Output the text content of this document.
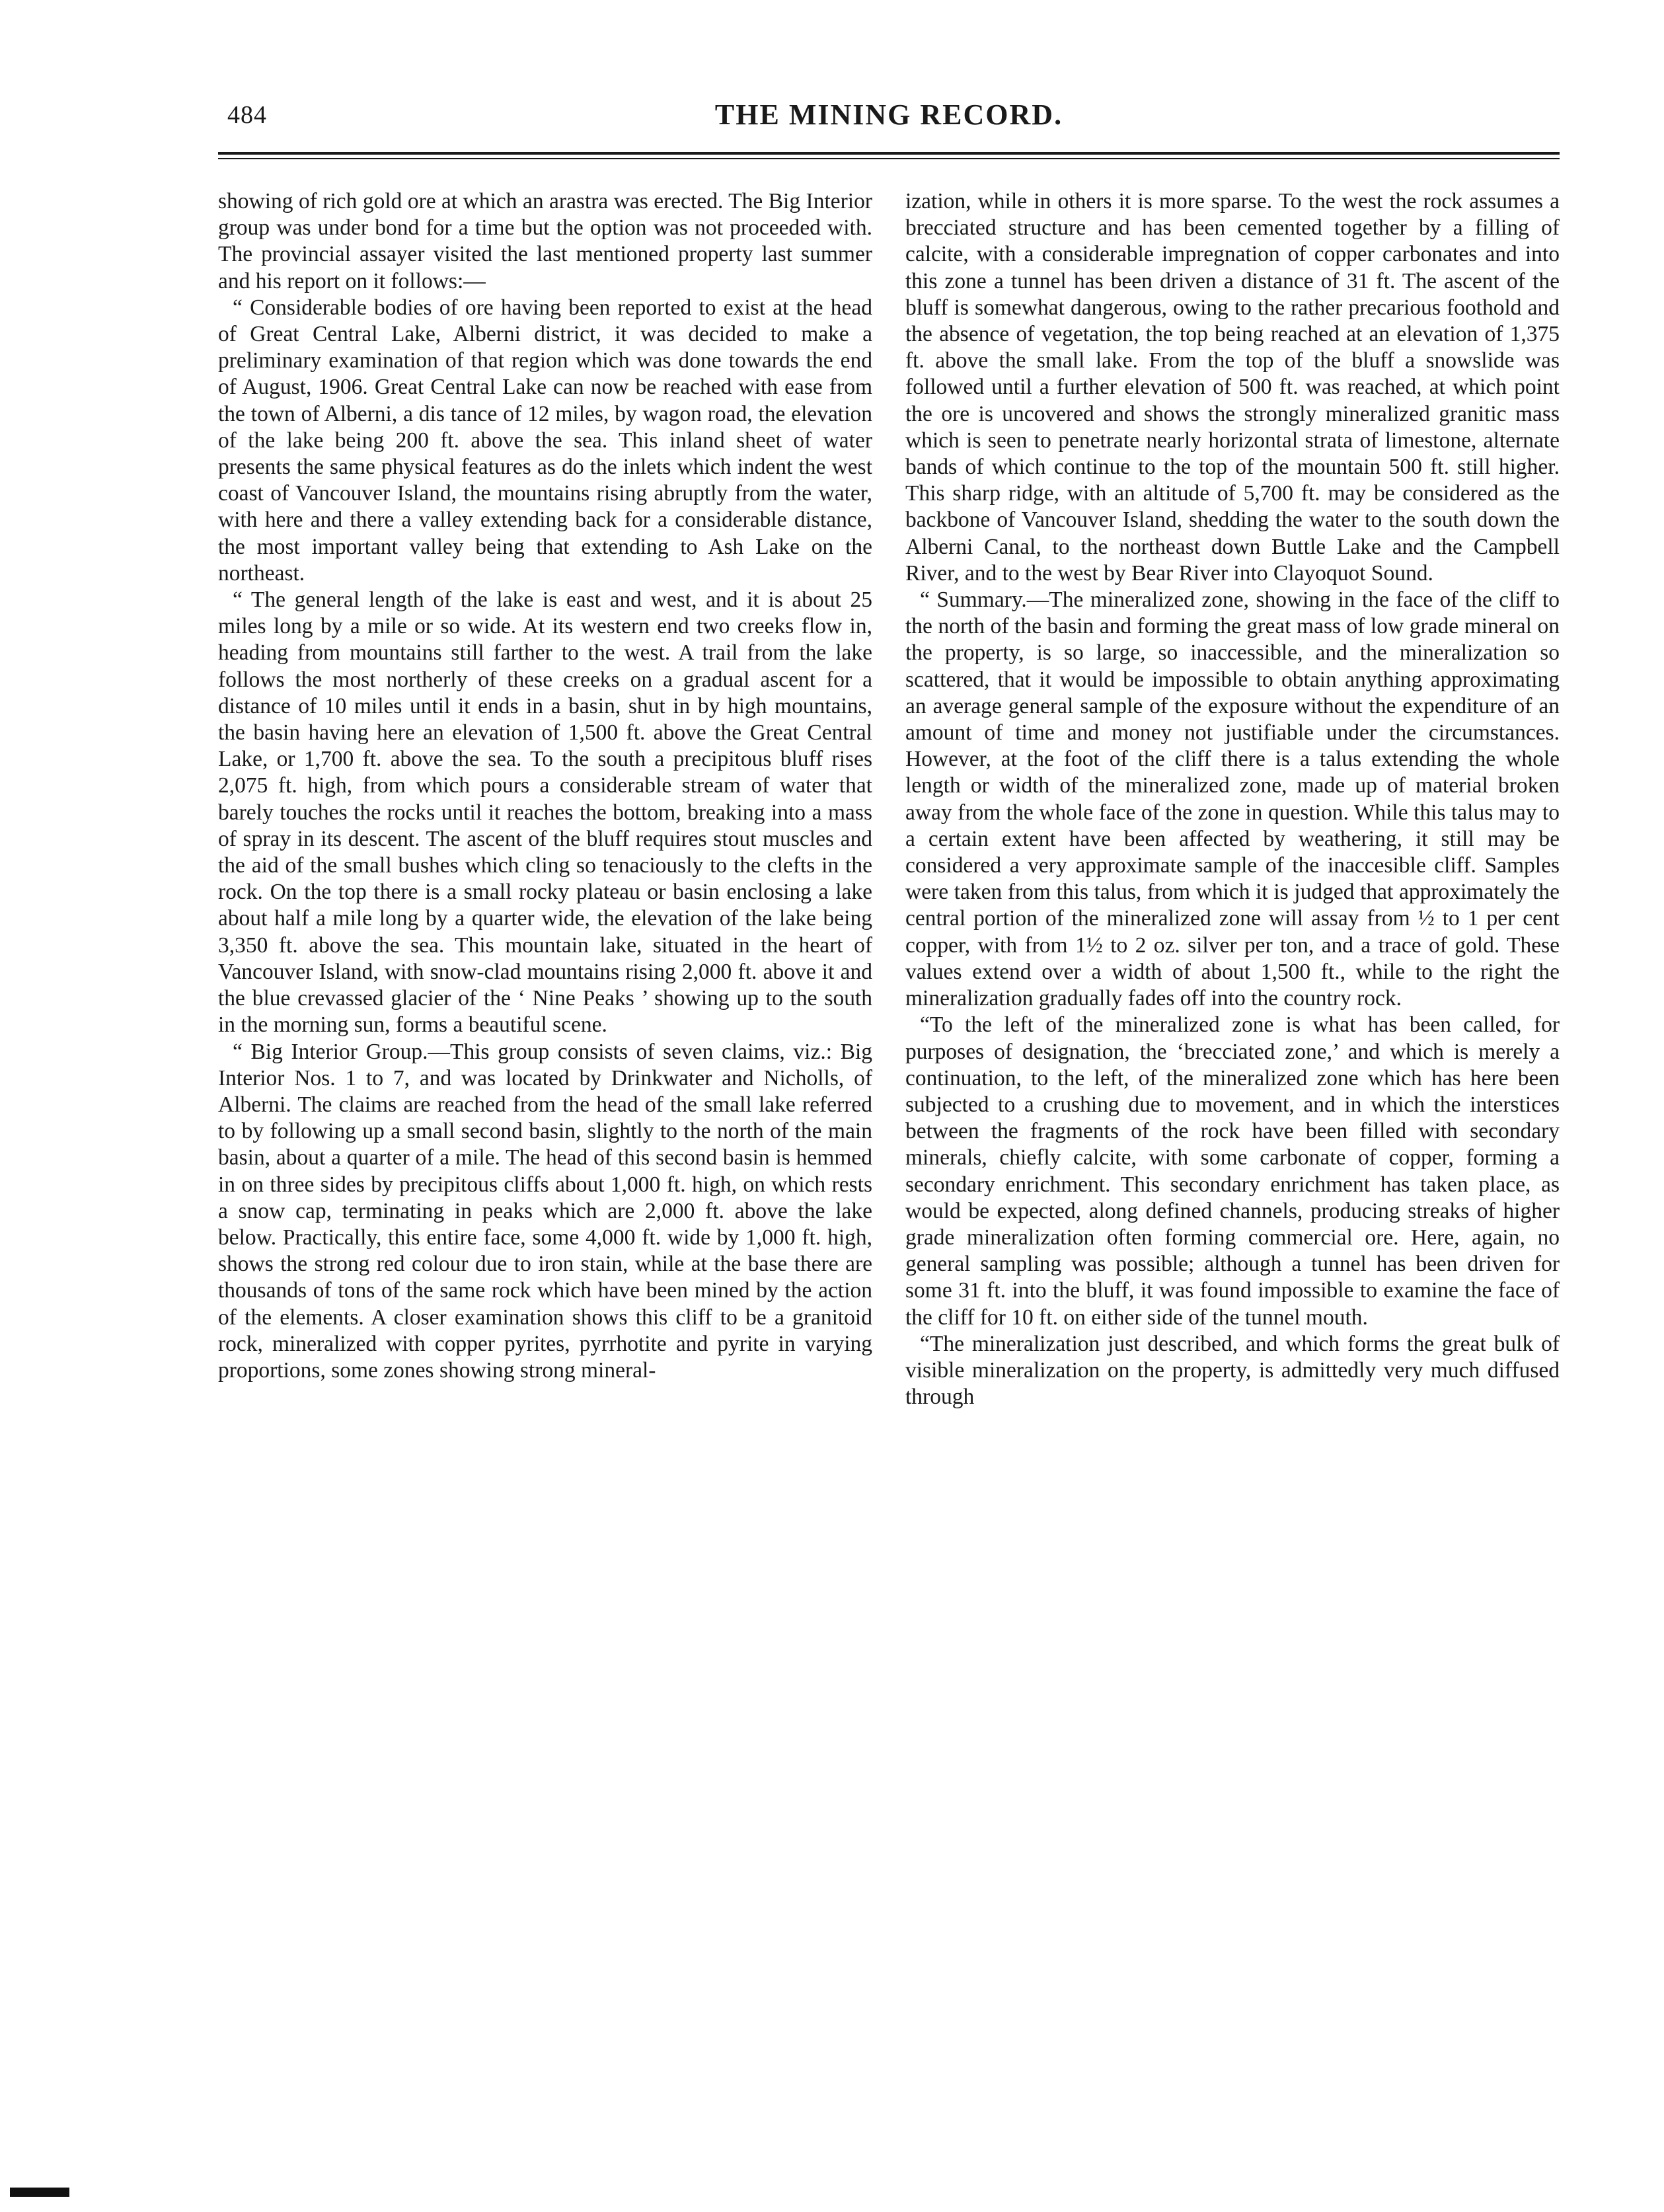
484	THE MINING RECORD.

showing of rich gold ore at which an arastra was erected. The Big Interior group was under bond for a time but the option was not proceeded with. The provincial assayer visited the last mentioned property last summer and his report on it follows:—

“ Considerable bodies of ore having been reported to exist at the head of Great Central Lake, Alberni district, it was decided to make a preliminary examination of that region which was done towards the end of August, 1906. Great Central Lake can now be reached with ease from the town of Alberni, a dis tance of 12 miles, by wagon road, the elevation of the lake being 200 ft. above the sea. This inland sheet of water presents the same physical features as do the inlets which indent the west coast of Vancouver Island, the mountains rising abruptly from the water, with here and there a valley extending back for a considerable distance, the most important valley being that extending to Ash Lake on the northeast.

“ The general length of the lake is east and west, and it is about 25 miles long by a mile or so wide. At its western end two creeks flow in, heading from mountains still farther to the west. A trail from the lake follows the most northerly of these creeks on a gradual ascent for a distance of 10 miles until it ends in a basin, shut in by high mountains, the basin having here an elevation of 1,500 ft. above the Great Central Lake, or 1,700 ft. above the sea. To the south a precipitous bluff rises 2,075 ft. high, from which pours a considerable stream of water that barely touches the rocks until it reaches the bottom, breaking into a mass of spray in its descent. The ascent of the bluff requires stout muscles and the aid of the small bushes which cling so tenaciously to the clefts in the rock. On the top there is a small rocky plateau or basin enclosing a lake about half a mile long by a quarter wide, the elevation of the lake being 3,350 ft. above the sea. This mountain lake, situated in the heart of Vancouver Island, with snow-clad mountains rising 2,000 ft. above it and the blue crevassed glacier of the ‘ Nine Peaks ’ showing up to the south in the morning sun, forms a beautiful scene.

“ Big Interior Group.—This group consists of seven claims, viz.: Big Interior Nos. 1 to 7, and was located by Drinkwater and Nicholls, of Alberni. The claims are reached from the head of the small lake referred to by following up a small second basin, slightly to the north of the main basin, about a quarter of a mile. The head of this second basin is hemmed in on three sides by precipitous cliffs about 1,000 ft. high, on which rests a snow cap, terminating in peaks which are 2,000 ft. above the lake below. Practically, this entire face, some 4,000 ft. wide by 1,000 ft. high, shows the strong red colour due to iron stain, while at the base there are thousands of tons of the same rock which have been mined by the action of the elements. A closer examination shows this cliff to be a granitoid rock, mineralized with copper pyrites, pyrrhotite and pyrite in varying proportions, some zones showing strong mineral-

ization, while in others it is more sparse. To the west the rock assumes a brecciated structure and has been cemented together by a filling of calcite, with a considerable impregnation of copper carbonates and into this zone a tunnel has been driven a distance of 31 ft. The ascent of the bluff is somewhat dangerous, owing to the rather precarious foothold and the absence of vegetation, the top being reached at an elevation of 1,375 ft. above the small lake. From the top of the bluff a snowslide was followed until a further elevation of 500 ft. was reached, at which point the ore is uncovered and shows the strongly mineralized granitic mass which is seen to penetrate nearly horizontal strata of limestone, alternate bands of which continue to the top of the mountain 500 ft. still higher. This sharp ridge, with an altitude of 5,700 ft. may be considered as the backbone of Vancouver Island, shedding the water to the south down the Alberni Canal, to the northeast down Buttle Lake and the Campbell River, and to the west by Bear River into Clayoquot Sound.

“ Summary.—The mineralized zone, showing in the face of the cliff to the north of the basin and forming the great mass of low grade mineral on the property, is so large, so inaccessible, and the mineralization so scattered, that it would be impossible to obtain anything approximating an average general sample of the exposure without the expenditure of an amount of time and money not justifiable under the circumstances. However, at the foot of the cliff there is a talus extending the whole length or width of the mineralized zone, made up of material broken away from the whole face of the zone in question. While this talus may to a certain extent have been affected by weathering, it still may be considered a very approximate sample of the inaccesible cliff. Samples were taken from this talus, from which it is judged that approximately the central portion of the mineralized zone will assay from ½ to 1 per cent copper, with from 1½ to 2 oz. silver per ton, and a trace of gold. These values extend over a width of about 1,500 ft., while to the right the mineralization gradually fades off into the country rock.

“To the left of the mineralized zone is what has been called, for purposes of designation, the ‘brecciated zone,’ and which is merely a continuation, to the left, of the mineralized zone which has here been subjected to a crushing due to movement, and in which the interstices between the fragments of the rock have been filled with secondary minerals, chiefly calcite, with some carbonate of copper, forming a secondary enrichment. This secondary enrichment has taken place, as would be expected, along defined channels, producing streaks of higher grade mineralization often forming commercial ore. Here, again, no general sampling was possible; although a tunnel has been driven for some 31 ft. into the bluff, it was found impossible to examine the face of the cliff for 10 ft. on either side of the tunnel mouth.

“The mineralization just described, and which forms the great bulk of visible mineralization on the property, is admittedly very much diffused through
